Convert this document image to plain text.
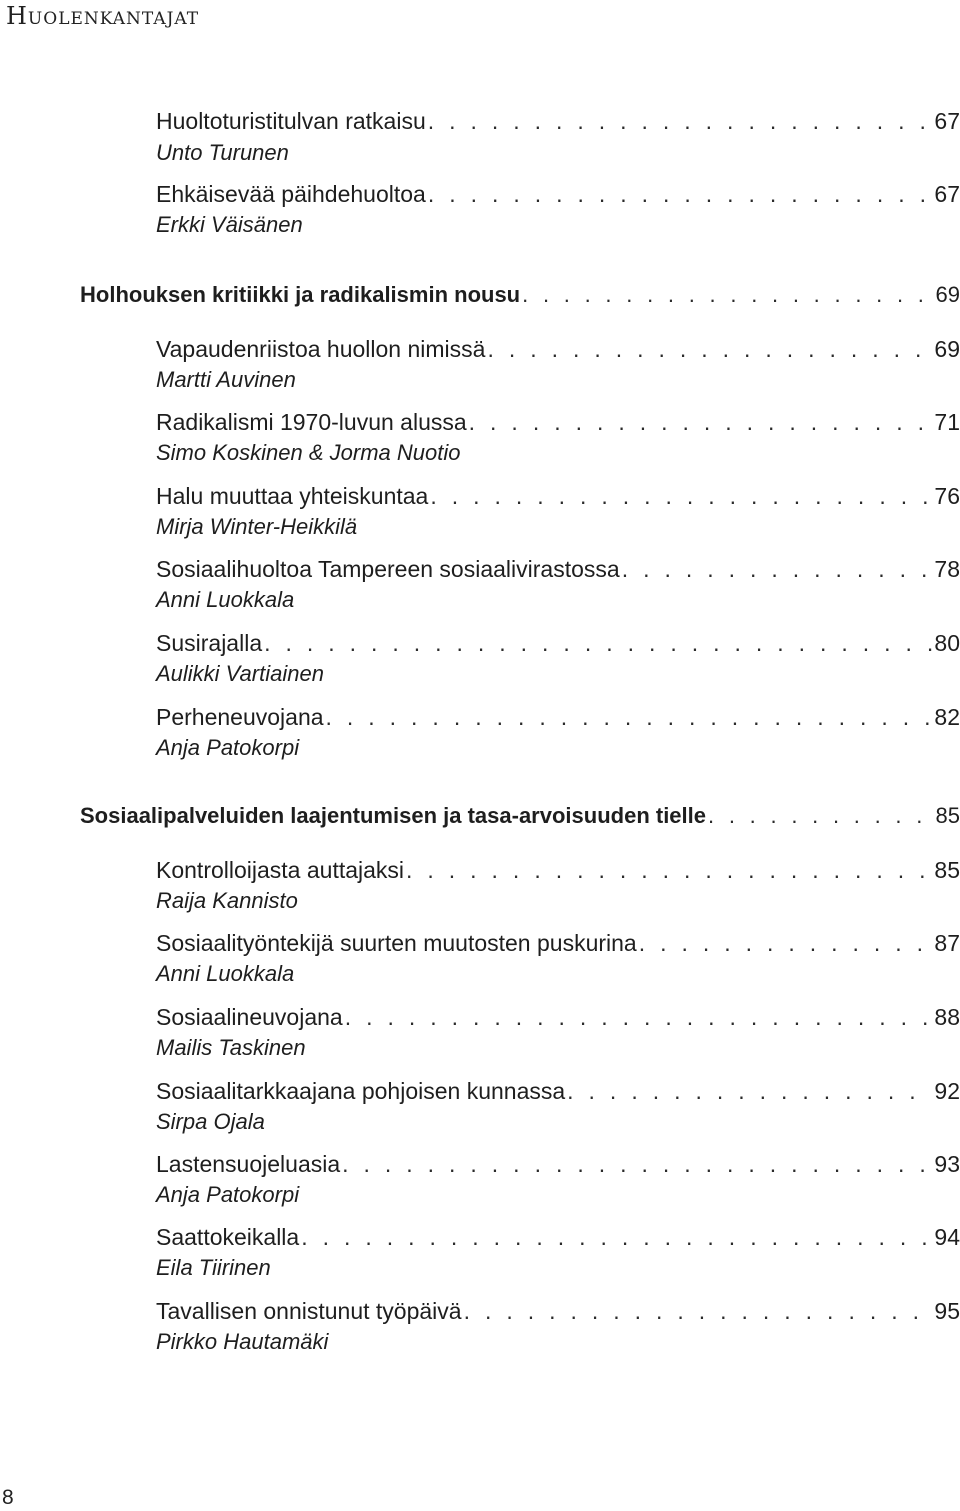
Huolenkantajat
Huoltoturistitulvan ratkaisu . . .	67
Unto Turunen
Ehkäisevää päihdehuoltoa . . .	67
Erkki Väisänen
Holhouksen kritiikki ja radikalismin nousu . . .	69
Vapaudenriistoa huollon nimissä . . .	69
Martti Auvinen
Radikalismi 1970-luvun alussa . . .	71
Simo Koskinen & Jorma Nuotio
Halu muuttaa yhteiskuntaa . . .	76
Mirja Winter-Heikkilä
Sosiaalihuoltoa Tampereen sosiaalivirastossa . . .	78
Anni Luokkala
Susirajalla . . .	80
Aulikki Vartiainen
Perheneuvojana . . .	82
Anja Patokorpi
Sosiaalipalveluiden laajentumisen ja tasa-arvoisuuden tielle . . .	85
Kontrolloijasta auttajaksi . . .	85
Raija Kannisto
Sosiaalityöntekijä suurten muutosten puskurina . . .	87
Anni Luokkala
Sosiaalineuvojana . . .	88
Mailis Taskinen
Sosiaalitarkkaajana pohjoisen kunnassa . . .	92
Sirpa Ojala
Lastensuojeluasia . . .	93
Anja Patokorpi
Saattokeikalla . . .	94
Eila Tiirinen
Tavallisen onnistunut työpäivä . . .	95
Pirkko Hautamäki
8
